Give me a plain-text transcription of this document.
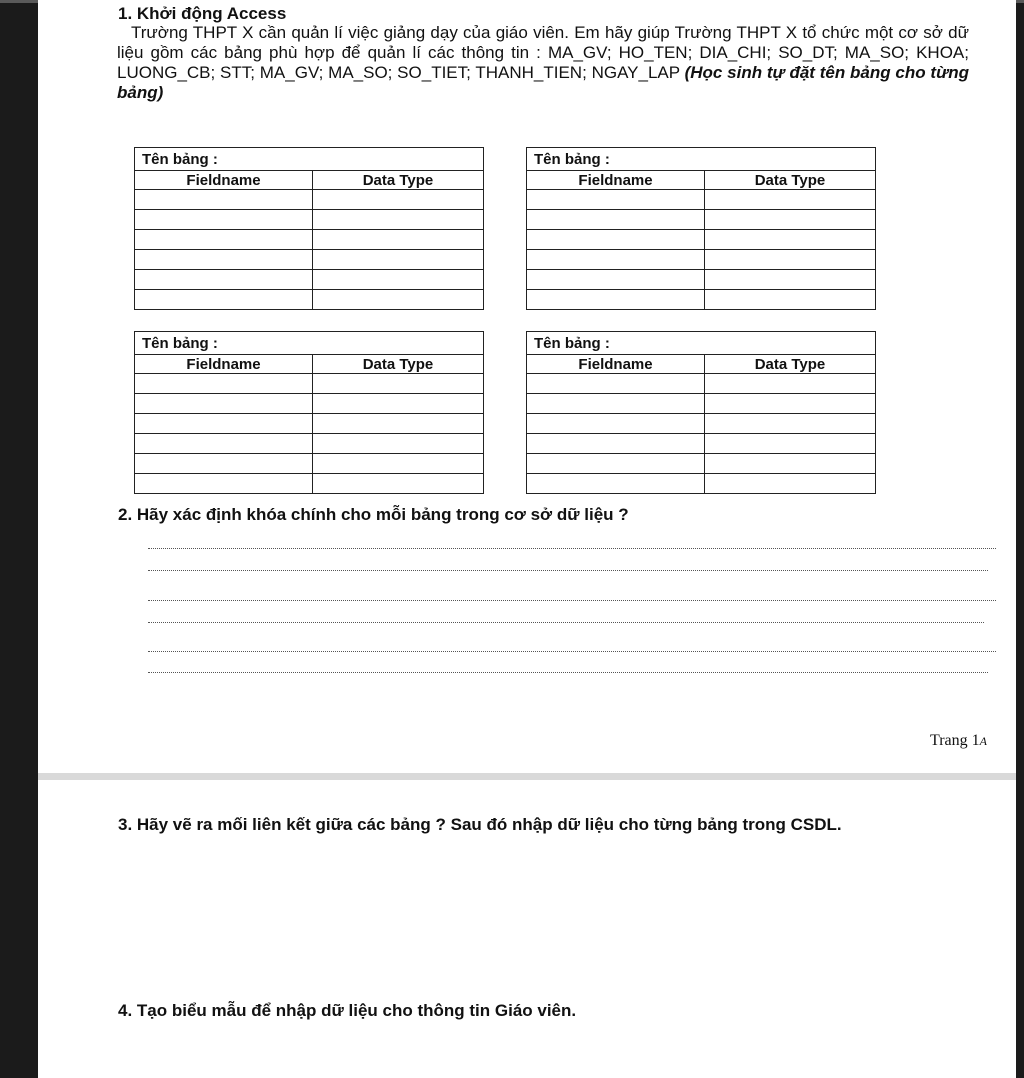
1. Khởi động Access

Trường THPT X cần quản lí việc giảng dạy của giáo viên. Em hãy giúp Trường THPT X tổ chức một cơ sở dữ liệu gồm các bảng phù hợp để quản lí các thông tin : MA_GV; HO_TEN; DIA_CHI; SO_DT; MA_SO; KHOA; LUONG_CB; STT; MA_GV; MA_SO; SO_TIET; THANH_TIEN; NGAY_LAP (Học sinh tự đặt tên bảng cho từng bảng)

Tên bảng :	
Fieldname	Data Type

Tên bảng :	
Fieldname	Data Type

Tên bảng :	
Fieldname	Data Type

Tên bảng :	
Fieldname	Data Type

2. Hãy xác định khóa chính cho mỗi bảng trong cơ sở dữ liệu ?
Trang 1A
3. Hãy vẽ ra mối liên kết giữa các bảng ? Sau đó nhập dữ liệu cho từng bảng trong CSDL.
4. Tạo biểu mẫu để nhập dữ liệu cho thông tin Giáo viên.
